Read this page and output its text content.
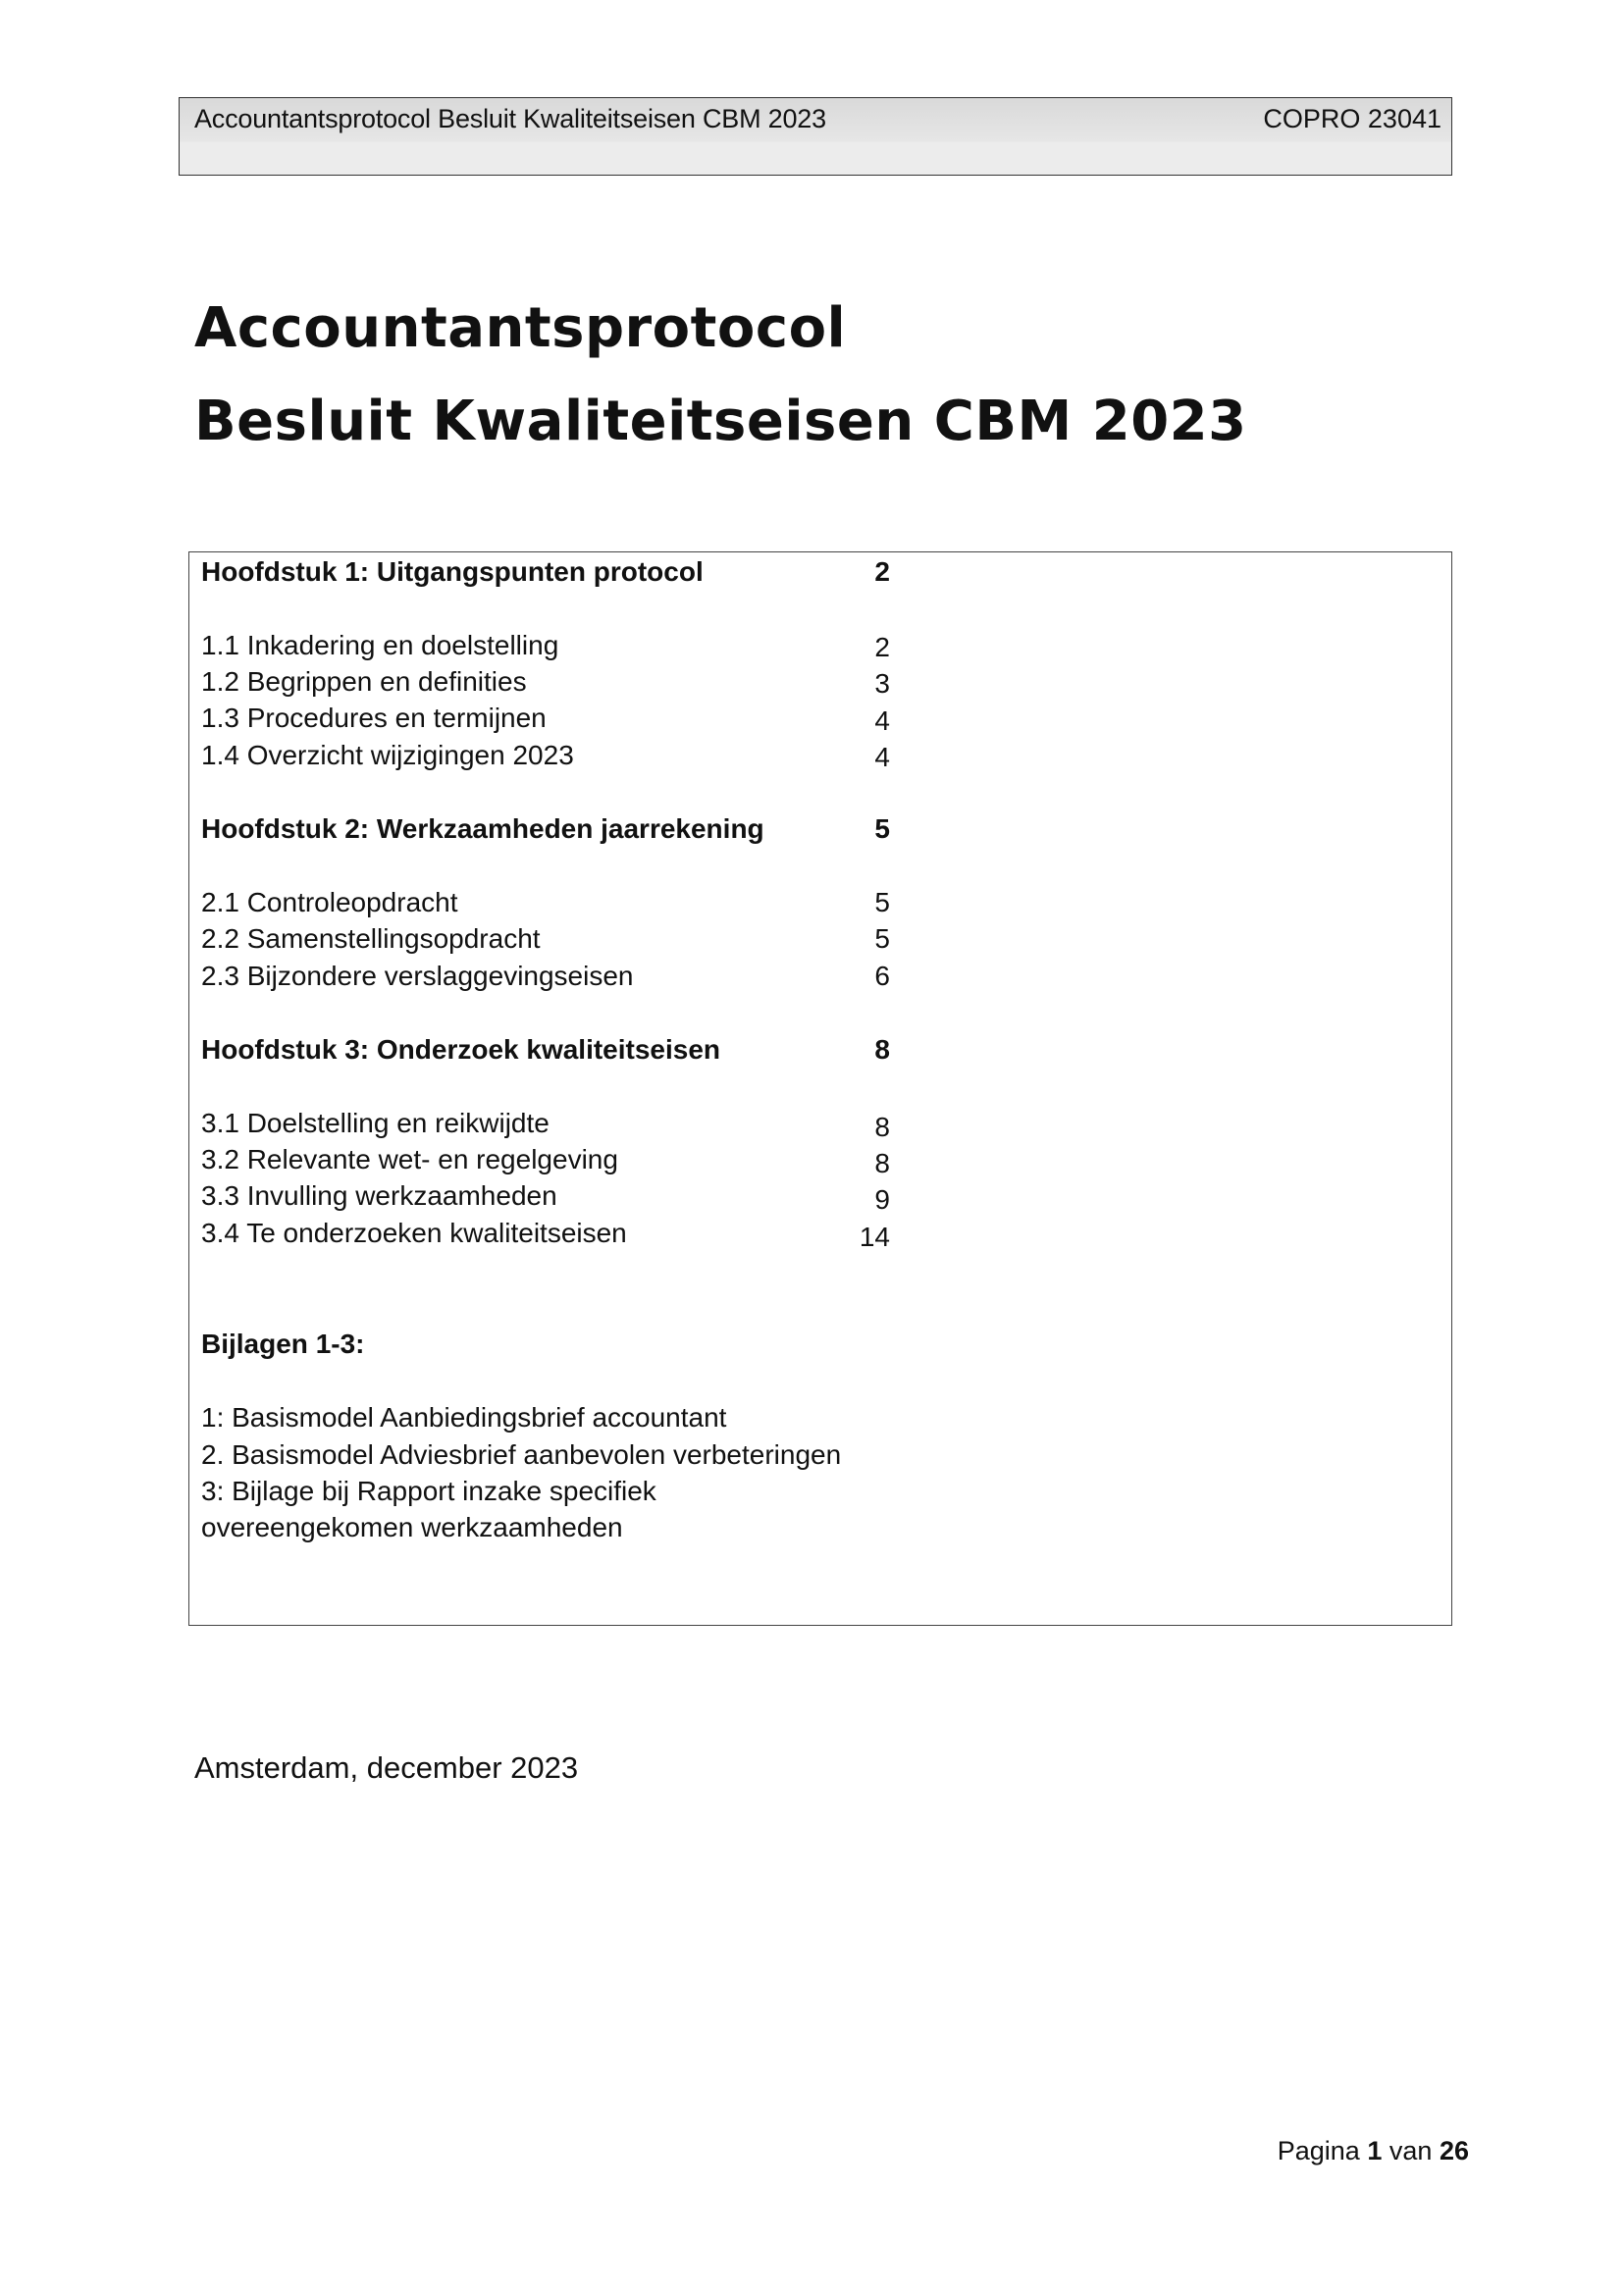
Accountantsprotocol Besluit Kwaliteitseisen CBM 2023	COPRO 23041
Accountantsprotocol
Besluit Kwaliteitseisen CBM 2023
Hoofdstuk 1: Uitgangspunten protocol	2
1.1 Inkadering en doelstelling	2
1.2 Begrippen en definities	3
1.3 Procedures en termijnen	4
1.4 Overzicht wijzigingen 2023	4
Hoofdstuk 2: Werkzaamheden jaarrekening	5
2.1 Controleopdracht	5
2.2 Samenstellingsopdracht	5
2.3 Bijzondere verslaggevingseisen	6
Hoofdstuk 3: Onderzoek kwaliteitseisen	8
3.1 Doelstelling en reikwijdte	8
3.2 Relevante wet- en regelgeving	8
3.3 Invulling werkzaamheden	9
3.4 Te onderzoeken kwaliteitseisen	14
Bijlagen 1-3:
1: Basismodel Aanbiedingsbrief accountant
2. Basismodel Adviesbrief aanbevolen verbeteringen
3: Bijlage bij Rapport inzake specifiek
overeengekomen werkzaamheden
Amsterdam, december 2023
Pagina 1 van 26
